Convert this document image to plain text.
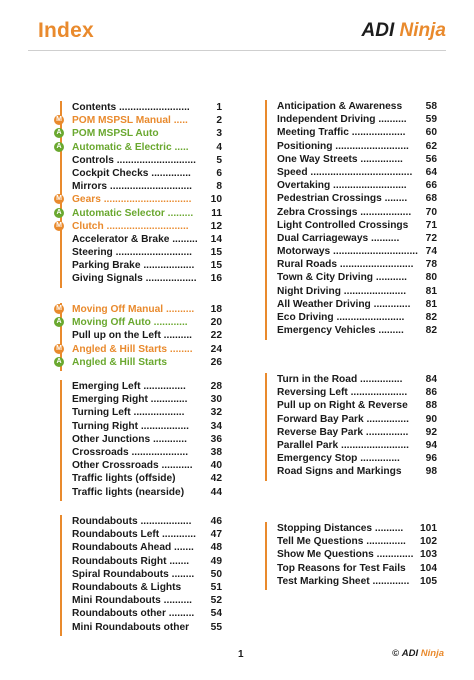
Index	ADI Ninja
Contents .........................	1
M POM MSPSL Manual .....	2
A POM MSPSL Auto	3
A Automatic & Electric .....	4
Controls ............................ 5
Cockpit Checks .............. 6
Mirrors ............................. 8
M Gears ............................... 10
A Automatic Selector ......... 11
M Clutch ............................. 12
Accelerator & Brake ......... 14
Steering ........................... 15
Parking Brake .................. 15
Giving Signals .................. 16
M Moving Off Manual .......... 18
A Moving Off Auto ............ 20
Pull up on the Left .......... 22
M Angled & Hill Starts ........ 24
A Angled & Hill Starts	26
Emerging Left ............... 28
Emerging Right ............. 30
Turning Left ..................	32
Turning Right ................. 34
Other Junctions ............ 36
Crossroads .................... 38
Other Crossroads ........... 40
Traffic lights (offside)	42
Traffic lights (nearside)	44
Roundabouts .................. 46
Roundabouts Left ............ 47
Roundabouts Ahead ....... 48
Roundabouts Right ....... 49
Spiral Roundabouts ........ 50
Roundabouts & Lights	51
Mini Roundabouts .......... 52
Roundabouts other ......... 54
Mini Roundabouts other 55
Anticipation & Awareness 58
Independent Driving .......... 59
Meeting Traffic ................... 60
Positioning .......................... 62
One Way Streets ............... 56
Speed .................................... 64
Overtaking .......................... 66
Pedestrian Crossings ........ 68
Zebra Crossings .................. 70
Light Controlled Crossings 71
Dual Carriageways ..........	72
Motorways .............................. 74
Rural Roads .......................... 78
Town & City Driving ........... 80
Night Driving ...................... 81
All Weather Driving ............. 81
Eco Driving ........................ 82
Emergency Vehicles ......... 82
Turn in the Road ............... 84
Reversing Left .................... 86
Pull up on Right & Reverse 88
Forward Bay Park ............... 90
Reverse Bay Park ............... 92
Parallel Park ........................ 94
Emergency Stop ..............	96
Road Signs and Markings 98
Stopping Distances .......... 101
Tell Me Questions .............. 102
Show Me Questions ............. 103
Top Reasons for Test Fails 104
Test Marking Sheet ............. 105
1	© ADI Ninja
